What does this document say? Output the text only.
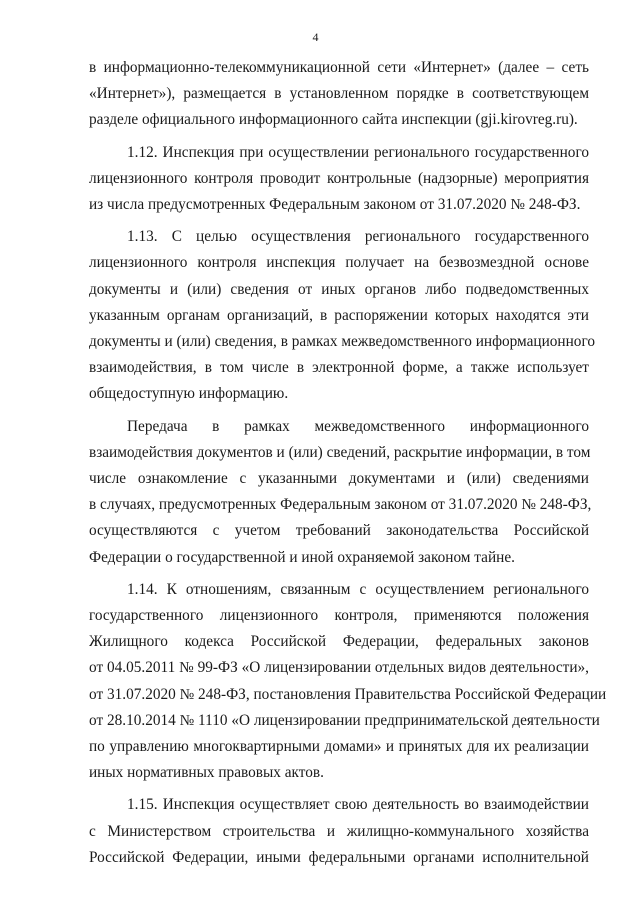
4
в информационно-телекоммуникационной сети «Интернет» (далее – сеть
«Интернет»), размещается в установленном порядке в соответствующем
разделе официального информационного сайта инспекции (gji.kirovreg.ru).
1.12. Инспекция при осуществлении регионального государственного
лицензионного контроля проводит контрольные (надзорные) мероприятия
из числа предусмотренных Федеральным законом от 31.07.2020 № 248-ФЗ.
1.13. С целью осуществления регионального государственного
лицензионного контроля инспекция получает на безвозмездной основе
документы и (или) сведения от иных органов либо подведомственных
указанным органам организаций, в распоряжении которых находятся эти
документы и (или) сведения, в рамках межведомственного информационного
взаимодействия, в том числе в электронной форме, а также использует
общедоступную информацию.
Передача в рамках межведомственного информационного
взаимодействия документов и (или) сведений, раскрытие информации, в том
числе ознакомление с указанными документами и (или) сведениями
в случаях, предусмотренных Федеральным законом от 31.07.2020 № 248-ФЗ,
осуществляются с учетом требований законодательства Российской
Федерации о государственной и иной охраняемой законом тайне.
1.14. К отношениям, связанным с осуществлением регионального
государственного лицензионного контроля, применяются положения
Жилищного кодекса Российской Федерации, федеральных законов
от 04.05.2011 № 99-ФЗ «О лицензировании отдельных видов деятельности»,
от 31.07.2020 № 248-ФЗ, постановления Правительства Российской Федерации
от 28.10.2014 № 1110 «О лицензировании предпринимательской деятельности
по управлению многоквартирными домами» и принятых для их реализации
иных нормативных правовых актов.
1.15. Инспекция осуществляет свою деятельность во взаимодействии
с Министерством строительства и жилищно-коммунального хозяйства
Российской Федерации, иными федеральными органами исполнительной
